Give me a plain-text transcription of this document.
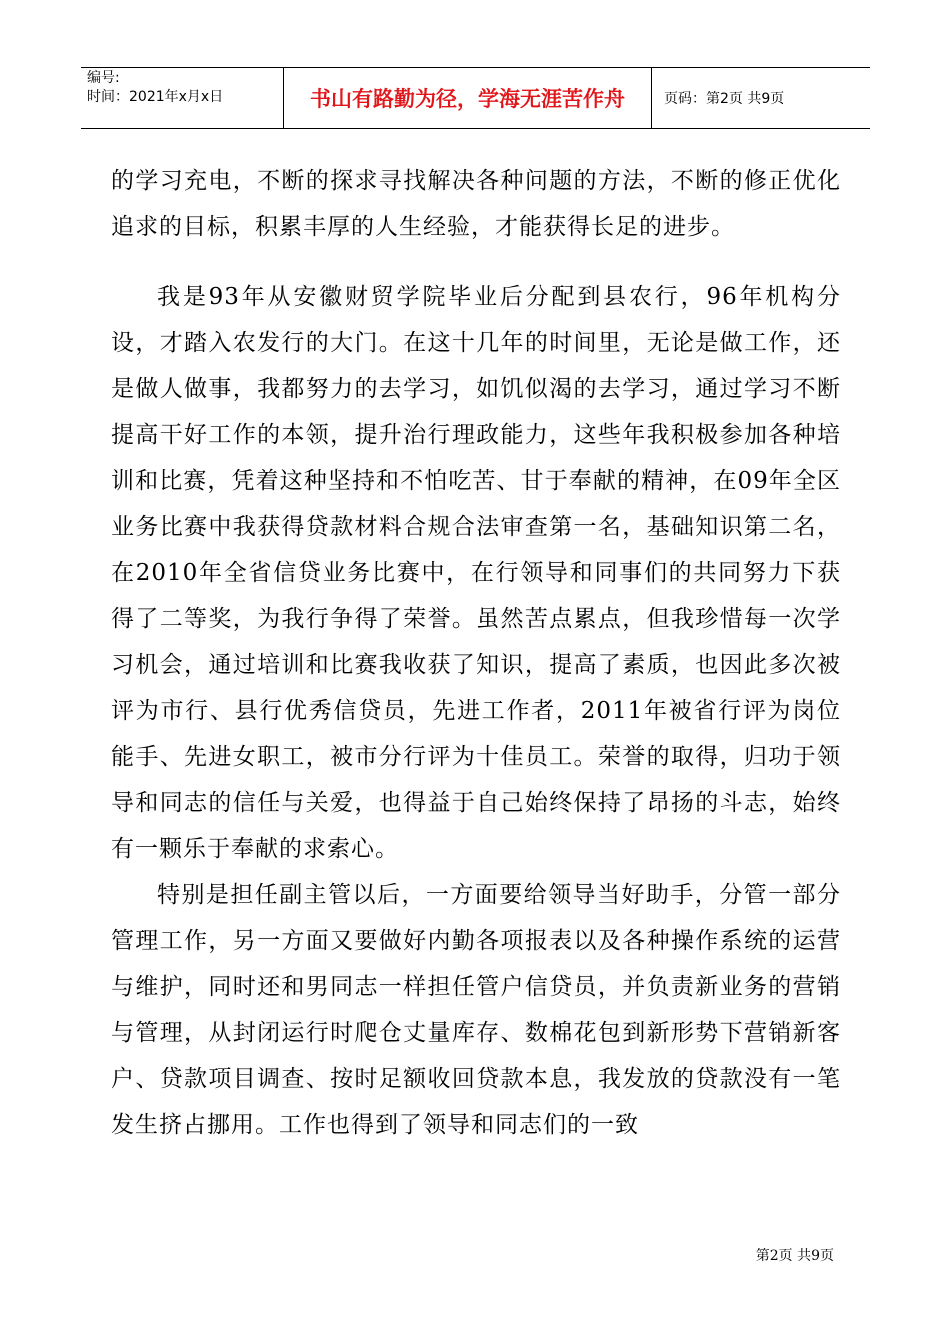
编号:
时间：2021年x月x日	书山有路勤为径，学海无涯苦作舟	页码：第2页 共9页

的学习充电，不断的探求寻找解决各种问题的方法，不断的修正优化追求的目标，积累丰厚的人生经验，才能获得长足的进步。

我是93年从安徽财贸学院毕业后分配到县农行，96年机构分设，才踏入农发行的大门。在这十几年的时间里，无论是做工作，还是做人做事，我都努力的去学习，如饥似渴的去学习，通过学习不断提高干好工作的本领，提升治行理政能力，这些年我积极参加各种培训和比赛，凭着这种坚持和不怕吃苦、甘于奉献的精神，在09年全区业务比赛中我获得贷款材料合规合法审查第一名，基础知识第二名，在2010年全省信贷业务比赛中，在行领导和同事们的共同努力下获得了二等奖，为我行争得了荣誉。虽然苦点累点，但我珍惜每一次学习机会，通过培训和比赛我收获了知识，提高了素质，也因此多次被评为市行、县行优秀信贷员，先进工作者，2011年被省行评为岗位能手、先进女职工，被市分行评为十佳员工。荣誉的取得，归功于领导和同志的信任与关爱，也得益于自己始终保持了昂扬的斗志，始终有一颗乐于奉献的求索心。

特别是担任副主管以后，一方面要给领导当好助手，分管一部分管理工作，另一方面又要做好内勤各项报表以及各种操作系统的运营与维护，同时还和男同志一样担任管户信贷员，并负责新业务的营销与管理，从封闭运行时爬仓丈量库存、数棉花包到新形势下营销新客户、贷款项目调查、按时足额收回贷款本息，我发放的贷款没有一笔发生挤占挪用。工作也得到了领导和同志们的一致

第2页 共9页
